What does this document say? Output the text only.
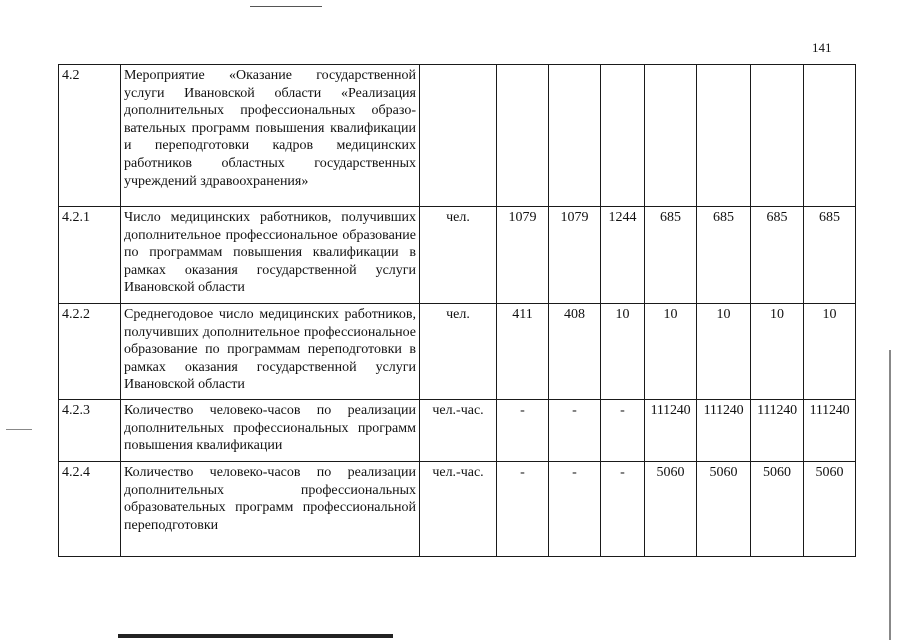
141
4.2	Мероприятие «Оказание государственной услуги Ивановской области «Реализация дополнительных профессиональных образовательных программ повышения квалификации и переподготовки кадров медицинских работников областных государственных учреждений здравоохранения»								
4.2.1	Число медицинских работников, получивших дополнительное профессиональное образование по программам повышения квалификации в рамках оказания государственной услуги Ивановской области	чел.	1079	1079	1244	685	685	685	685
4.2.2	Среднегодовое число медицинских работников, получивших дополнительное профессиональное образование по программам переподготовки в рамках оказания государственной услуги Ивановской области	чел.	411	408	10	10	10	10	10
4.2.3	Количество человеко-часов по реализации дополнительных профессиональных программ повышения квалификации	чел.-час.	-	-	-	111240	111240	111240	111240
4.2.4	Количество человеко-часов по реализации дополнительных профессиональных образовательных программ профессиональной переподготовки	чел.-час.	-	-	-	5060	5060	5060	5060
